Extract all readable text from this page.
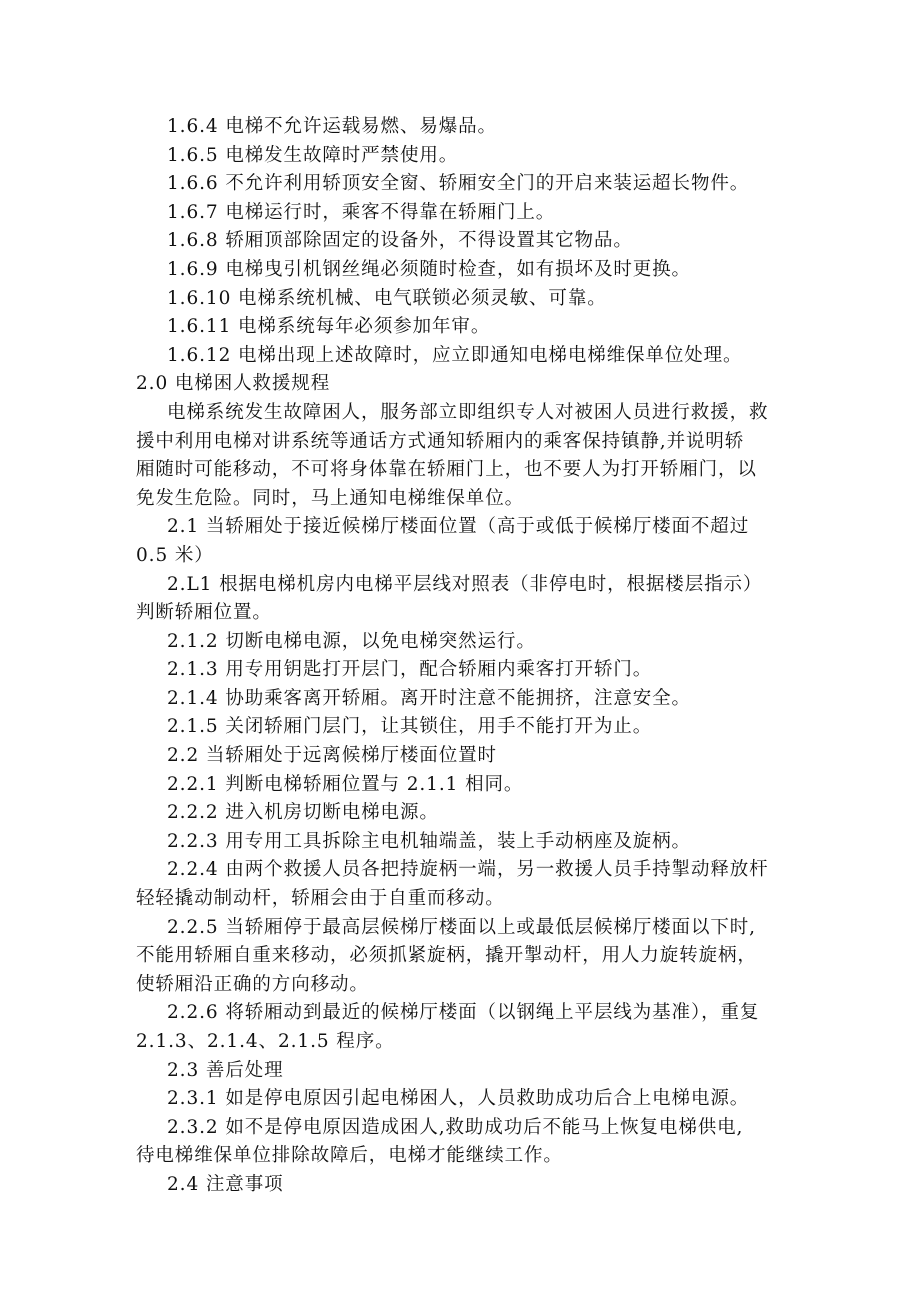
1.6.4 电梯不允许运载易燃、易爆品。
1.6.5 电梯发生故障时严禁使用。
1.6.6 不允许利用轿顶安全窗、轿厢安全门的开启来装运超长物件。
1.6.7 电梯运行时，乘客不得靠在轿厢门上。
1.6.8 轿厢顶部除固定的设备外，不得设置其它物品。
1.6.9 电梯曳引机钢丝绳必须随时检查，如有损坏及时更换。
1.6.10 电梯系统机械、电气联锁必须灵敏、可靠。
1.6.11 电梯系统每年必须参加年审。
1.6.12 电梯出现上述故障时，应立即通知电梯电梯维保单位处理。
2.0 电梯困人救援规程
电梯系统发生故障困人，服务部立即组织专人对被困人员进行救援，救
援中利用电梯对讲系统等通话方式通知轿厢内的乘客保持镇静,并说明轿
厢随时可能移动，不可将身体靠在轿厢门上，也不要人为打开轿厢门，以
免发生危险。同时，马上通知电梯维保单位。
2.1 当轿厢处于接近候梯厅楼面位置（高于或低于候梯厅楼面不超过
0.5 米）
2.L1 根据电梯机房内电梯平层线对照表（非停电时，根据楼层指示）
判断轿厢位置。
2.1.2 切断电梯电源，以免电梯突然运行。
2.1.3 用专用钥匙打开层门，配合轿厢内乘客打开轿门。
2.1.4 协助乘客离开轿厢。离开时注意不能拥挤，注意安全。
2.1.5 关闭轿厢门层门，让其锁住，用手不能打开为止。
2.2 当轿厢处于远离候梯厅楼面位置时
2.2.1 判断电梯轿厢位置与 2.1.1 相同。
2.2.2 进入机房切断电梯电源。
2.2.3 用专用工具拆除主电机轴端盖，装上手动柄座及旋柄。
2.2.4 由两个救援人员各把持旋柄一端，另一救援人员手持掣动释放杆
轻轻撬动制动杆，轿厢会由于自重而移动。
2.2.5 当轿厢停于最高层候梯厅楼面以上或最低层候梯厅楼面以下时,
不能用轿厢自重来移动，必须抓紧旋柄，撬开掣动杆，用人力旋转旋柄，
使轿厢沿正确的方向移动。
2.2.6 将轿厢动到最近的候梯厅楼面（以钢绳上平层线为基准），重复
2.1.3、2.1.4、2.1.5 程序。
2.3 善后处理
2.3.1 如是停电原因引起电梯困人，人员救助成功后合上电梯电源。
2.3.2 如不是停电原因造成困人,救助成功后不能马上恢复电梯供电,
待电梯维保单位排除故障后，电梯才能继续工作。
2.4 注意事项
